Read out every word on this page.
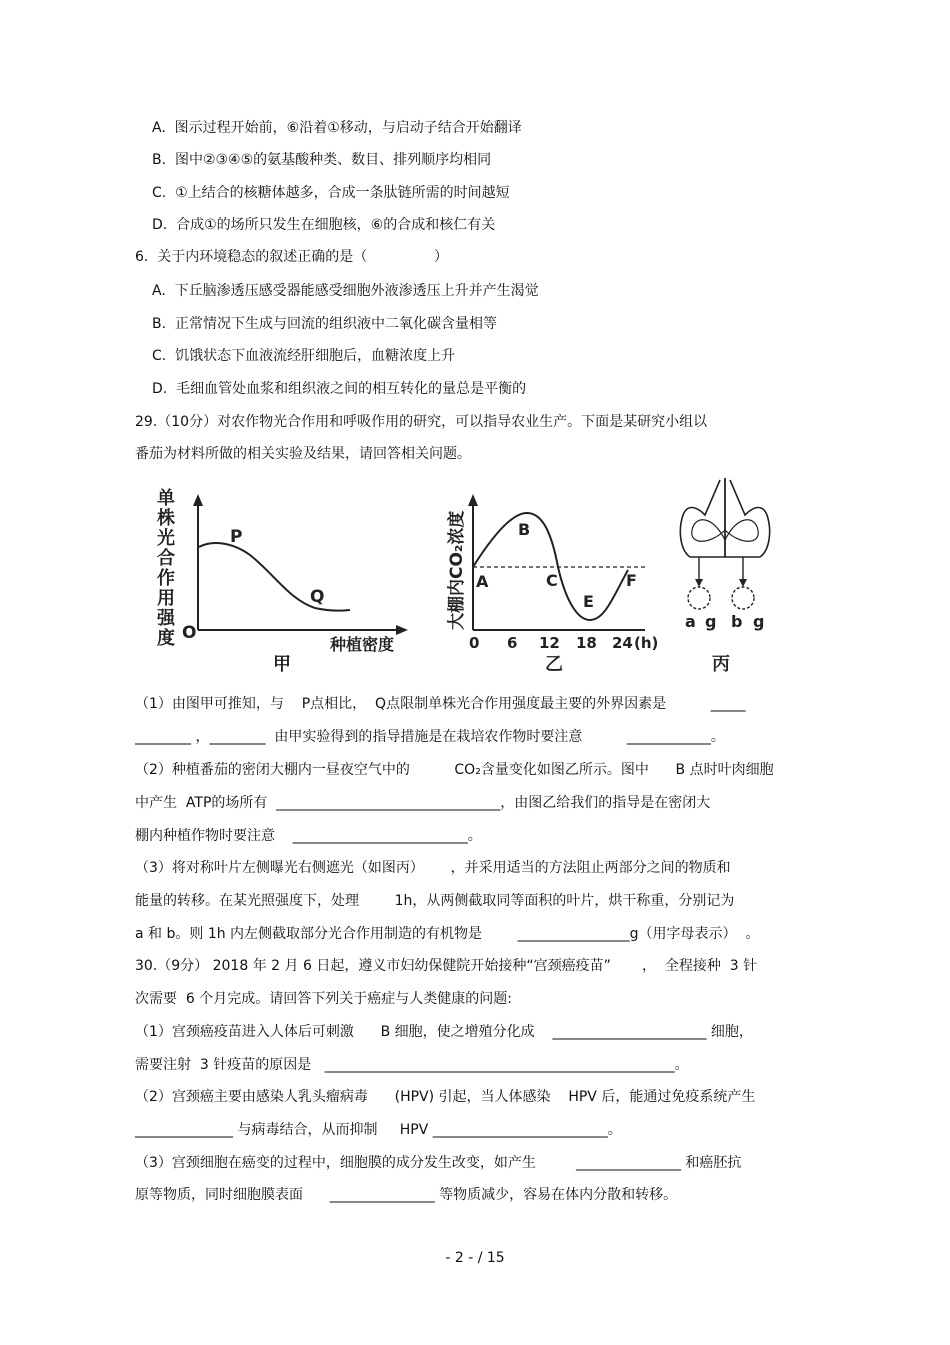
A.  图示过程开始前，⑥沿着①移动，与启动子结合开始翻译
B.  图中②③④⑤的氨基酸种类、数目、排列顺序均相同
C.  ①上结合的核糖体越多，合成一条肽链所需的时间越短
D.  合成①的场所只发生在细胞核，⑥的合成和核仁有关
6.  关于内环境稳态的叙述正确的是（               ）
A.  下丘脑渗透压感受器能感受细胞外液渗透压上升并产生渴觉
B.  正常情况下生成与回流的组织液中二氧化碳含量相等
C.  饥饿状态下血液流经肝细胞后，血糖浓度上升
D.  毛细血管处血浆和组织液之间的相互转化的量总是平衡的
29.（10分）对农作物光合作用和呼吸作用的研究，可以指导农业生产。下面是某研究小组以
番茄为材料所做的相关实验及结果，请回答相关问题。
单
株
光
合
作
用
强
度 O
P
Q
种植密度
甲
大棚内CO₂浓度 A
B
C
E
F
0 6 12 18 24 (h)
乙
a g b g
丙
（1）由图甲可推知，与    P点相比，  Q点限制单株光合作用强度最主要的外界因素是          _____
________ ，________  由甲实验得到的指导措施是在栽培农作物时要注意          ____________。
（2）种植番茄的密闭大棚内一昼夜空气中的          CO₂含量变化如图乙所示。图中      B 点时叶肉细胞
中产生  ATP的场所有  ________________________________，由图乙给我们的指导是在密闭大
棚内种植作物时要注意    _________________________。
（3）将对称叶片左侧曝光右侧遮光（如图丙）      ，并采用适当的方法阻止两部分之间的物质和
能量的转移。在某光照强度下，处理        1h，从两侧截取同等面积的叶片，烘干称重，分别记为
a 和 b。则 1h 内左侧截取部分光合作用制造的有机物是        ________________g（用字母表示）  。
30.（9分） 2018 年 2 月 6 日起，遵义市妇幼保健院开始接种“宫颈癌疫苗”       ，  全程接种  3 针
次需要  6 个月完成。请回答下列关于癌症与人类健康的问题:
（1）宫颈癌疫苗进入人体后可刺激      B 细胞，使之增殖分化成    ______________________ 细胞，
需要注射  3 针疫苗的原因是   __________________________________________________。
（2）宫颈癌主要由感染人乳头瘤病毒      (HPV) 引起，当人体感染    HPV 后，能通过免疫系统产生
______________ 与病毒结合，从而抑制     HPV _________________________。
（3）宫颈细胞在癌变的过程中，细胞膜的成分发生改变，如产生         _______________ 和癌胚抗
原等物质，同时细胞膜表面      _______________ 等物质减少，容易在体内分散和转移。
- 2 - / 15
